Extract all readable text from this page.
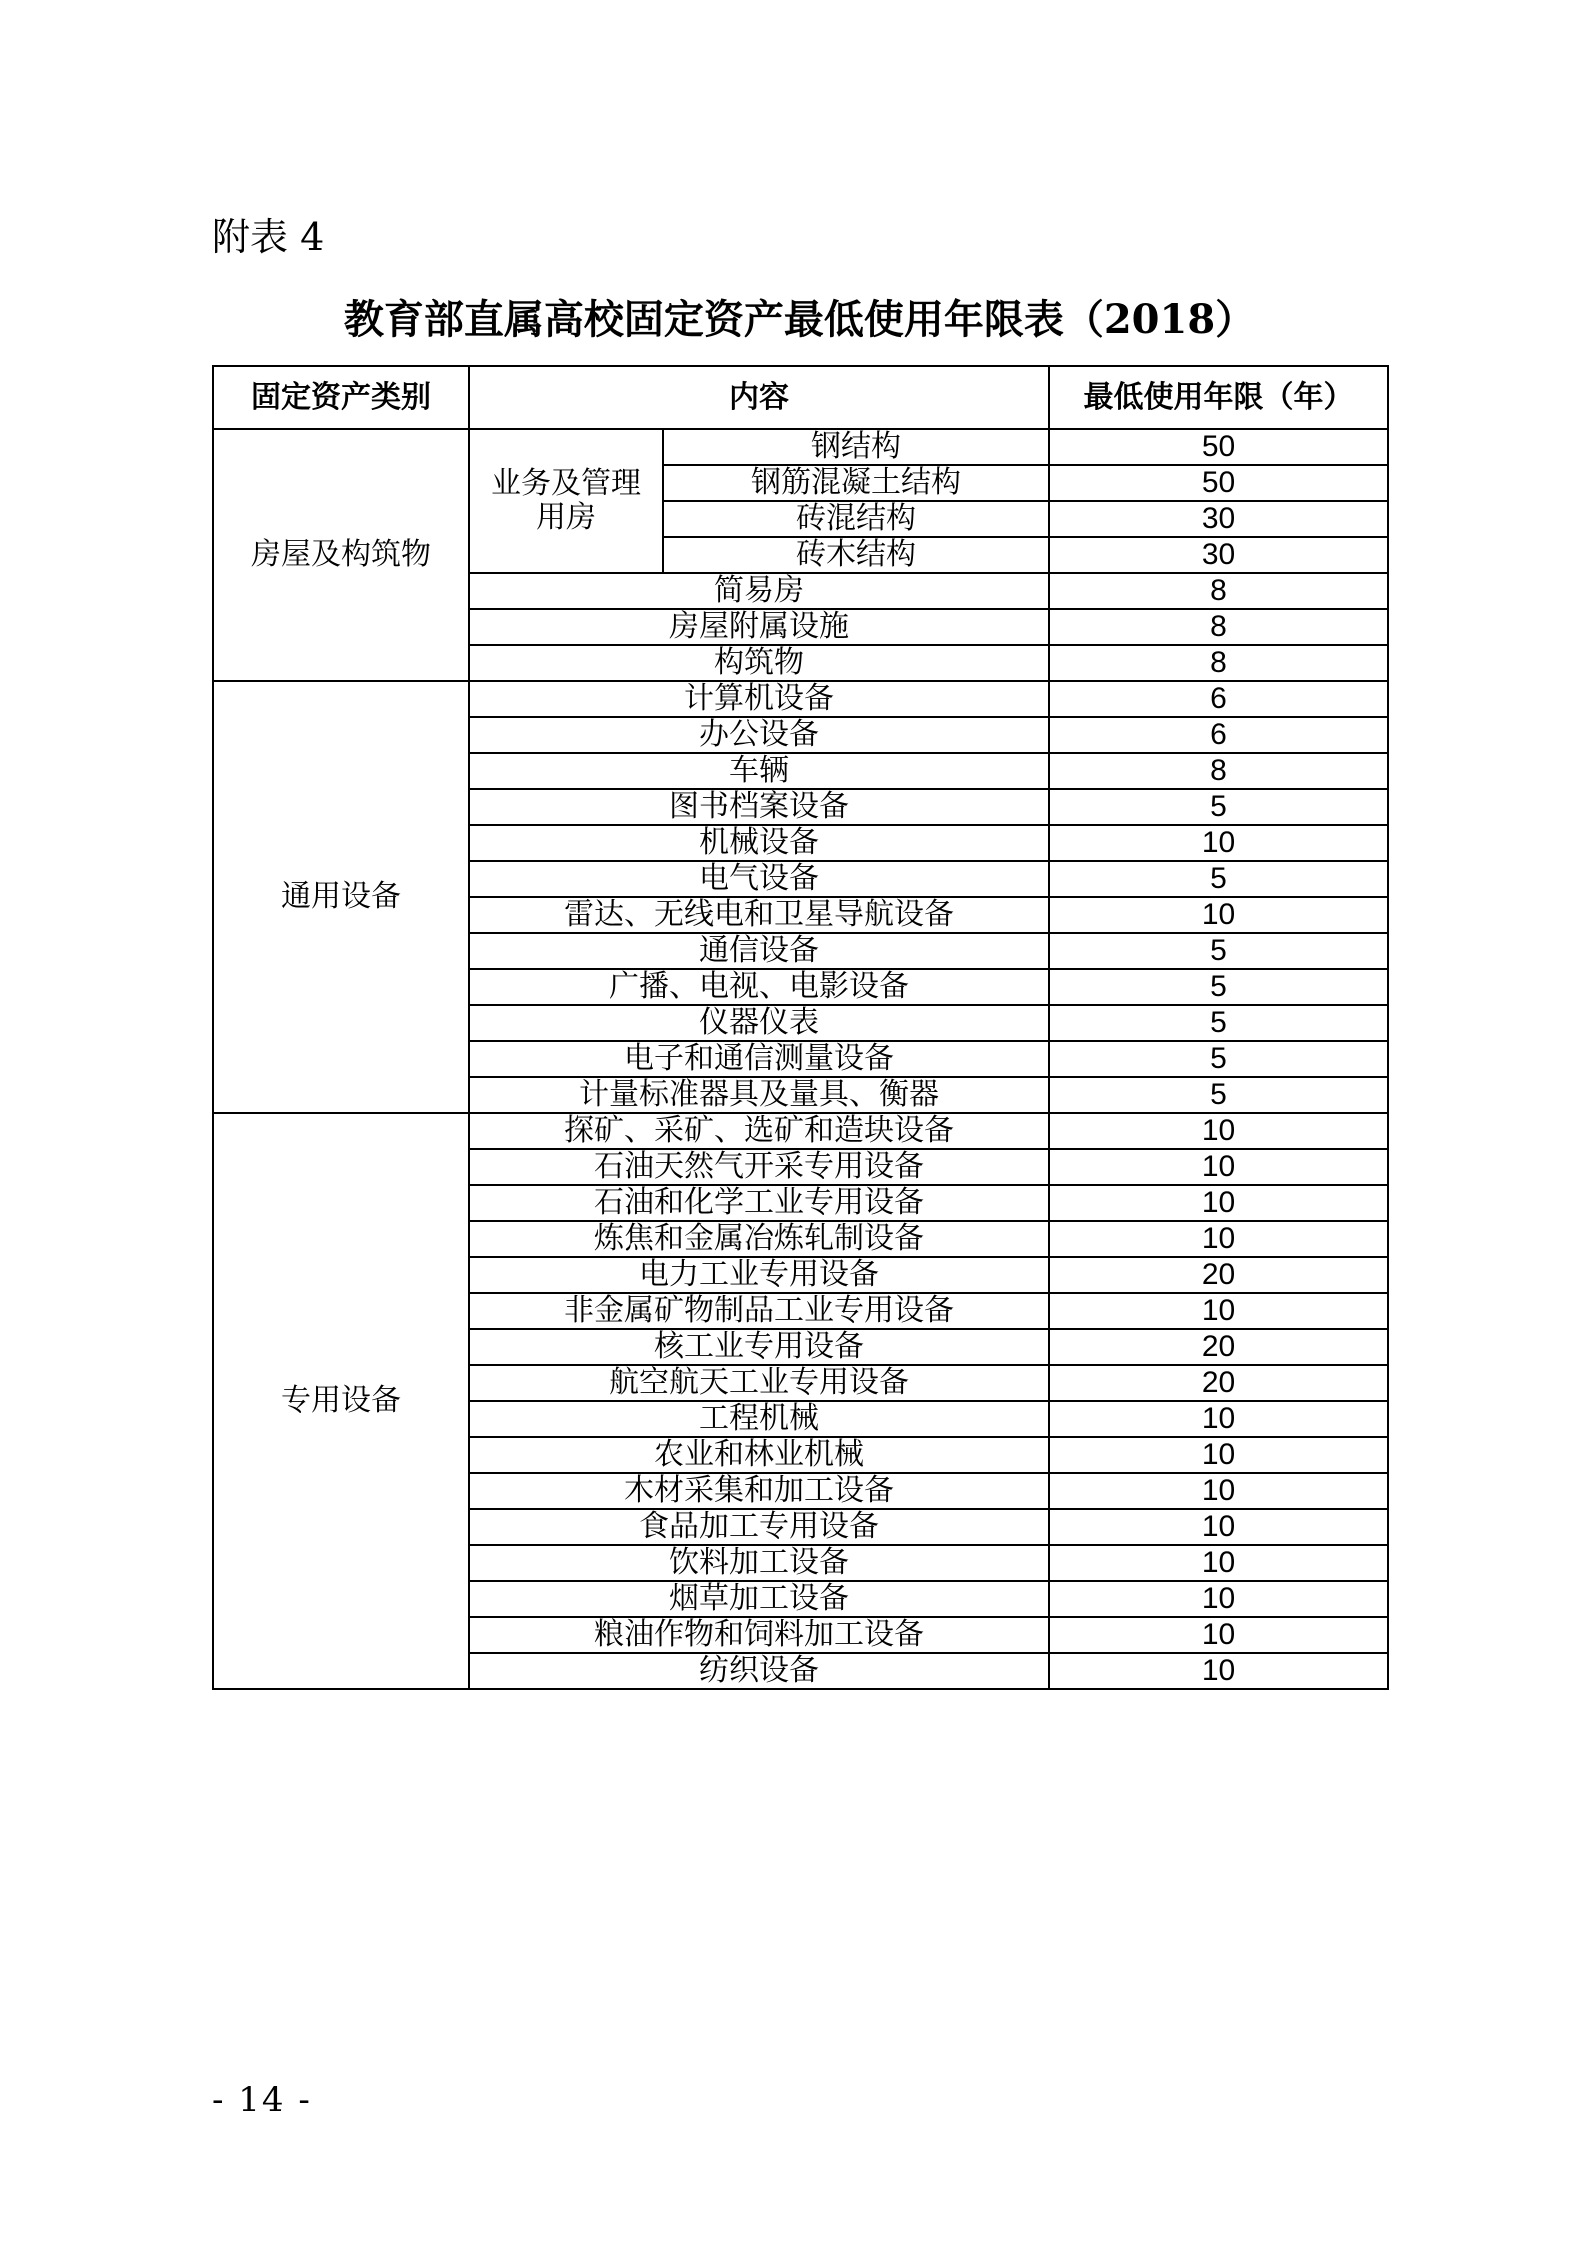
附表 4
教育部直属高校固定资产最低使用年限表（2018）
固定资产类别	内容		最低使用年限（年）
房屋及构筑物	业务及管理用房	钢结构	50
		钢筋混凝土结构	50
		砖混结构	30
		砖木结构	30
	简易房		8
	房屋附属设施		8
	构筑物		8
通用设备	计算机设备		6
	办公设备		6
	车辆		8
	图书档案设备		5
	机械设备		10
	电气设备		5
	雷达、无线电和卫星导航设备		10
	通信设备		5
	广播、电视、电影设备		5
	仪器仪表		5
	电子和通信测量设备		5
	计量标准器具及量具、衡器		5
专用设备	探矿、采矿、选矿和造块设备		10
	石油天然气开采专用设备		10
	石油和化学工业专用设备		10
	炼焦和金属冶炼轧制设备		10
	电力工业专用设备		20
	非金属矿物制品工业专用设备		10
	核工业专用设备		20
	航空航天工业专用设备		20
	工程机械		10
	农业和林业机械		10
	木材采集和加工设备		10
	食品加工专用设备		10
	饮料加工设备		10
	烟草加工设备		10
	粮油作物和饲料加工设备		10
	纺织设备		10
- 14 -
